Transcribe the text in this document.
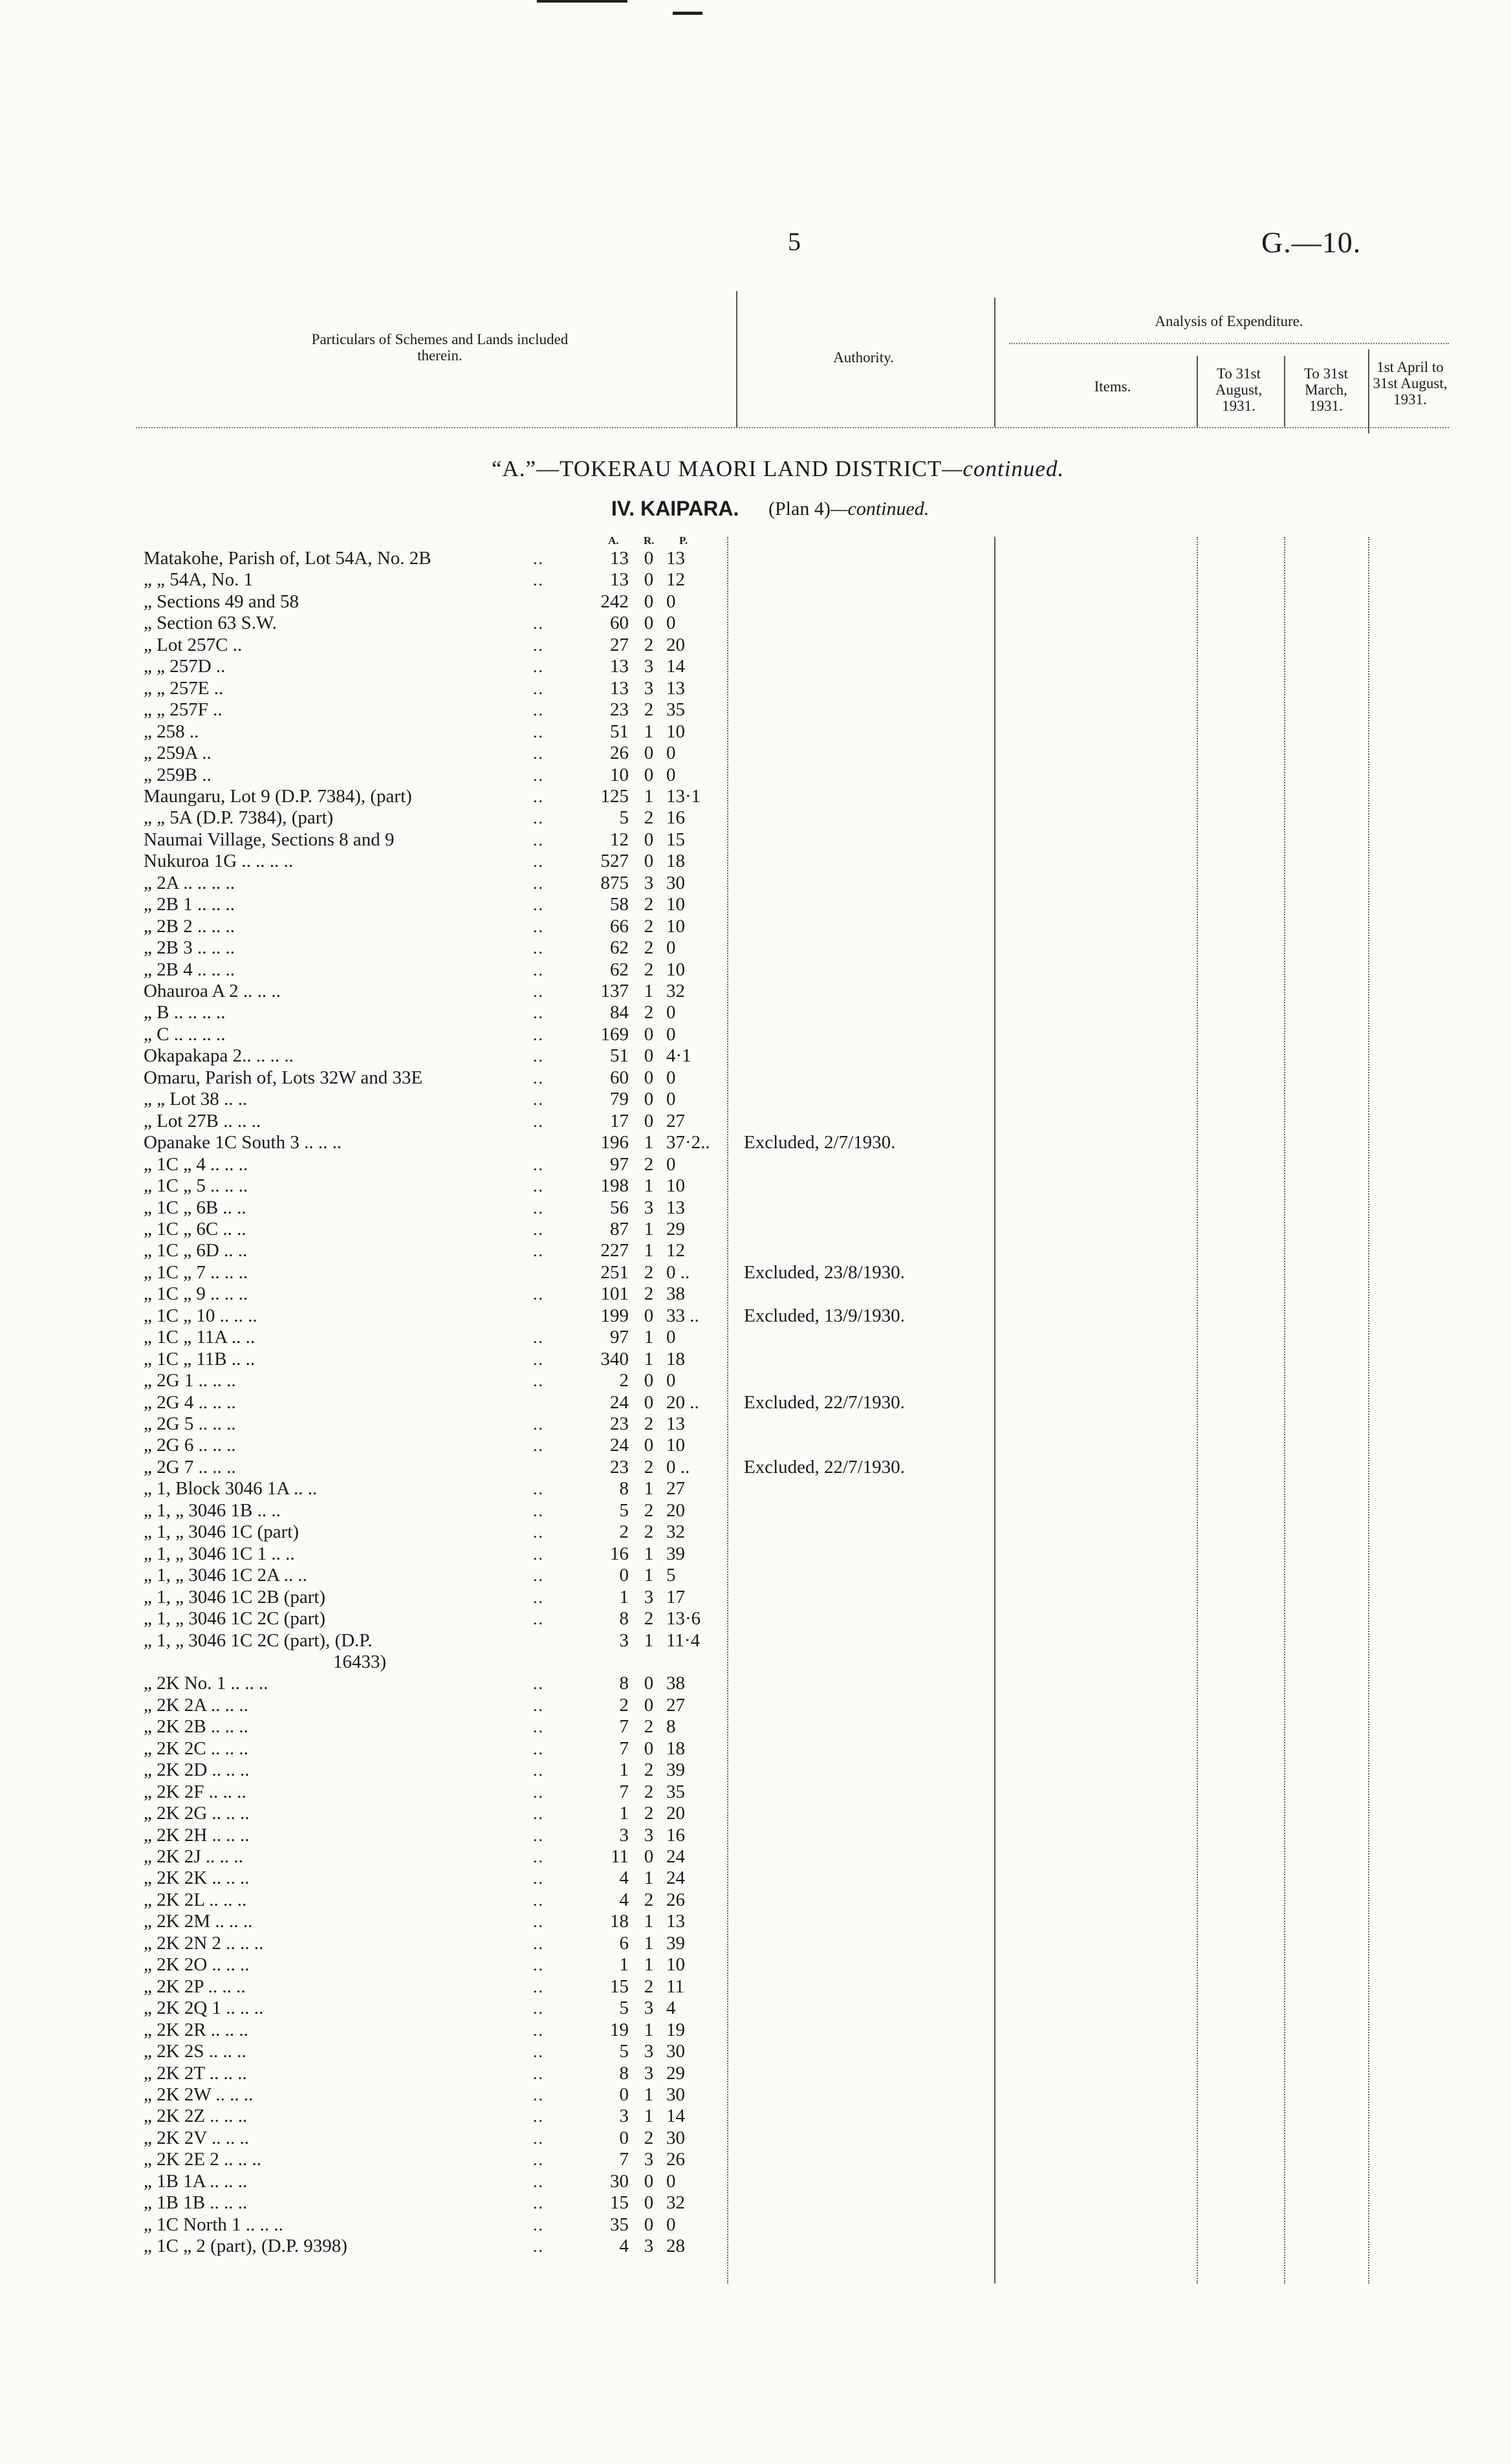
5	G.—10.
Particulars of Schemes and Lands included therein.	Authority.
Analysis of Expenditure.
Items.
To 31st August, 1931.
To 31st March, 1931.
1st April to 31st August, 1931.
“A.”—TOKERAU MAORI LAND DISTRICT—continued.
IV. KAIPARA. (Plan 4)—continued.
A. R. P.
Matakohe, Parish of, Lot 54A, No. 2B	..	13 0 13
„ „ 54A, No. 1	..	13 0 12
„ Sections 49 and 58	242 0 0
„ Section 63 S.W.	..	60 0 0
„ Lot 257C ..	..	27 2 20
„ „ 257D ..	..	13 3 14
„ „ 257E ..	..	13 3 13
„ „ 257F ..	..	23 2 35
„ 258 ..	..	51 1 10
„ 259A ..	..	26 0 0
„ 259B ..	..	10 0 0
Maungaru, Lot 9 (D.P. 7384), (part)	..	125 1 13·1
„ „ 5A (D.P. 7384), (part)	..	5 2 16
Naumai Village, Sections 8 and 9	..	12 0 15
Nukuroa 1G .. .. .. ..	..	527 0 18
„ 2A .. .. .. ..	..	875 3 30
„ 2B 1 .. .. ..	..	58 2 10
„ 2B 2 .. .. ..	..	66 2 10
„ 2B 3 .. .. ..	..	62 2 0
„ 2B 4 .. .. ..	..	62 2 10
Ohauroa A 2 .. .. ..	..	137 1 32
„ B .. .. .. ..	..	84 2 0
„ C .. .. .. ..	..	169 0 0
Okapakapa 2.. .. .. ..	..	51 0 4·1
Omaru, Parish of, Lots 32W and 33E	..	60 0 0
„ „ Lot 38 .. ..	..	79 0 0
„ Lot 27B .. .. ..	..	17 0 27
Opanake 1C South 3 .. .. ..	196 1 37·2.. Excluded, 2/7/1930.
„ 1C „ 4 .. .. ..	..	97 2 0
„ 1C „ 5 .. .. ..	..	198 1 10
„ 1C „ 6B .. ..	..	56 3 13
„ 1C „ 6C .. ..	..	87 1 29
„ 1C „ 6D .. ..	..	227 1 12
„ 1C „ 7 .. .. ..	251 2 0 ..	Excluded, 23/8/1930.
„ 1C „ 9 .. .. ..	..	101 2 38
„ 1C „ 10 .. .. ..	199 0 33 ..	Excluded, 13/9/1930.
„ 1C „ 11A .. ..	..	97 1 0
„ 1C „ 11B .. ..	..	340 1 18
„ 2G 1 .. .. ..	..	2 0 0
„ 2G 4 .. .. ..	24 0 20 ..	Excluded, 22/7/1930.
„ 2G 5 .. .. ..	..	23 2 13
„ 2G 6 .. .. ..	..	24 0 10
„ 2G 7 .. .. ..	23 2 0 ..	Excluded, 22/7/1930.
„ 1, Block 3046 1A .. ..	..	8 1 27
„ 1, „ 3046 1B .. ..	..	5 2 20
„ 1, „ 3046 1C (part)	..	2 2 32
„ 1, „ 3046 1C 1 .. ..	..	16 1 39
„ 1, „ 3046 1C 2A .. ..	..	0 1 5
„ 1, „ 3046 1C 2B (part)	..	1 3 17
„ 1, „ 3046 1C 2C (part)	..	8 2 13·6
„ 1, „ 3046 1C 2C (part), (D.P.	3 1 11·4
16433)
„ 2K No. 1 .. .. ..	..	8 0 38
„ 2K 2A .. .. ..	..	2 0 27
„ 2K 2B .. .. ..	..	7 2 8
„ 2K 2C .. .. ..	..	7 0 18
„ 2K 2D .. .. ..	..	1 2 39
„ 2K 2F .. .. ..	..	7 2 35
„ 2K 2G .. .. ..	..	1 2 20
„ 2K 2H .. .. ..	..	3 3 16
„ 2K 2J .. .. ..	..	11 0 24
„ 2K 2K .. .. ..	..	4 1 24
„ 2K 2L .. .. ..	..	4 2 26
„ 2K 2M .. .. ..	..	18 1 13
„ 2K 2N 2 .. .. ..	..	6 1 39
„ 2K 2O .. .. ..	..	1 1 10
„ 2K 2P .. .. ..	..	15 2 11
„ 2K 2Q 1 .. .. ..	..	5 3 4
„ 2K 2R .. .. ..	..	19 1 19
„ 2K 2S .. .. ..	..	5 3 30
„ 2K 2T .. .. ..	..	8 3 29
„ 2K 2W .. .. ..	..	0 1 30
„ 2K 2Z .. .. ..	..	3 1 14
„ 2K 2V .. .. ..	..	0 2 30
„ 2K 2E 2 .. .. ..	..	7 3 26
„ 1B 1A .. .. ..	..	30 0 0
„ 1B 1B .. .. ..	..	15 0 32
„ 1C North 1 .. .. ..	..	35 0 0
„ 1C „ 2 (part), (D.P. 9398)	..	4 3 28
